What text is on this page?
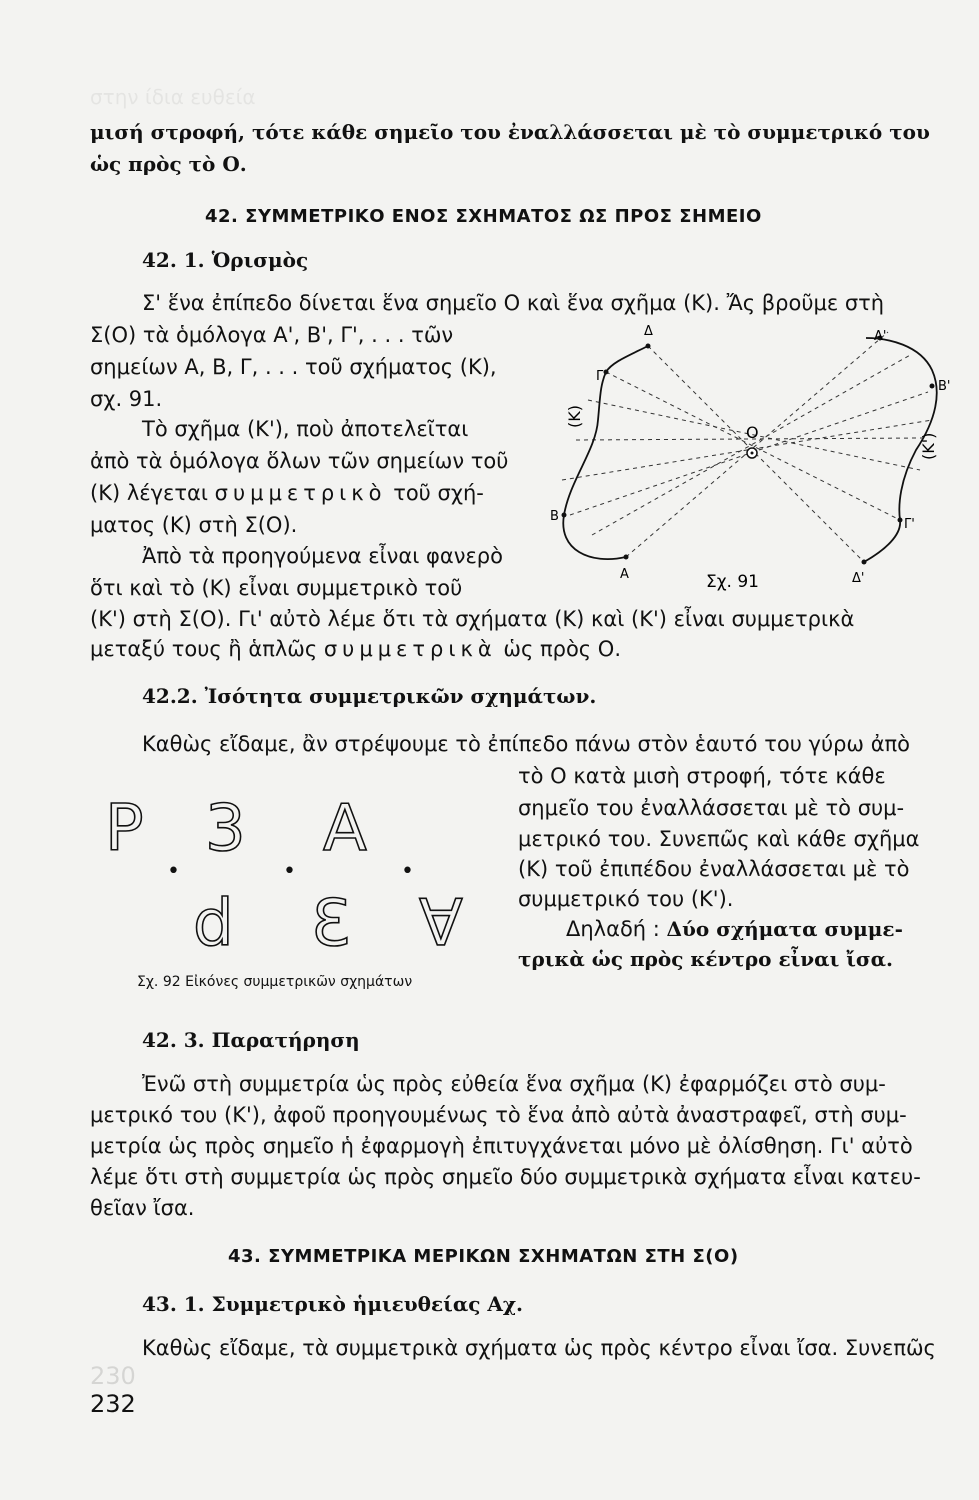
στην ίδια ευθεία
230
μισή στροφή, τότε κάθε σημεῖο του ἐναλλάσσεται μὲ τὸ συμμετρικό του
ὡς πρὸς τὸ Ο.
42. ΣΥΜΜΕΤΡΙΚΟ ΕΝΟΣ ΣΧΗΜΑΤΟΣ ΩΣ ΠΡΟΣ ΣΗΜΕΙΟ
42. 1. Ὁρισμὸς

Σ' ἕνα ἐπίπεδο δίνεται ἕνα σημεῖο Ο καὶ ἕνα σχῆμα (Κ). Ἄς βροῦμε στὴ

Σ(Ο) τὰ ὁμόλογα Α', Β', Γ', . . . τῶν

σημείων Α, Β, Γ, . . . τοῦ σχήματος (Κ),

σχ. 91.

Τὸ σχῆμα (Κ'), ποὺ ἀποτελεῖται

ἀπὸ τὰ ὁμόλογα ὅλων τῶν σημείων τοῦ

(Κ) λέγεται συμμετρικὸ τοῦ σχή-

ματος (Κ) στὴ Σ(Ο).

Ἀπὸ τὰ προηγούμενα εἶναι φανερὸ

ὅτι καὶ τὸ (Κ) εἶναι συμμετρικὸ τοῦ

(Κ') στὴ Σ(Ο). Γι' αὐτὸ λέμε ὅτι τὰ σχήματα (Κ) καὶ (Κ') εἶναι συμμετρικὰ

μεταξύ τους ἢ ἁπλῶς συμμετρικὰ ὡς πρὸς Ο.

Ο
Α
Β
Γ
Δ	Α'
Β'
Γ'
Δ'
(Κ)
(Κ')
Σχ. 91
42.2. Ἰσότητα συμμετρικῶν σχημάτων.

Καθὼς εἴδαμε, ἂν στρέψουμε τὸ ἐπίπεδο πάνω στὸν ἑαυτό του γύρω ἀπὸ

τὸ Ο κατὰ μισὴ στροφή, τότε κάθε

σημεῖο του ἐναλλάσσεται μὲ τὸ συμ-

μετρικό του. Συνεπῶς καὶ κάθε σχῆμα

(Κ) τοῦ ἐπιπέδου ἐναλλάσσεται μὲ τὸ

συμμετρικό του (Κ').

Δηλαδή : Δύο σχήματα συμμε-

τρικὰ ὡς πρὸς κέντρο εἶναι ἴσα.

P 3 A
d Ɛ ∀
•	•	•
Σχ. 92 Εἰκόνες συμμετρικῶν σχημάτων
42. 3. Παρατήρηση

Ἐνῶ στὴ συμμετρία ὡς πρὸς εὐθεία ἕνα σχῆμα (Κ) ἐφαρμόζει στὸ συμ-

μετρικό του (Κ'), ἀφοῦ προηγουμένως τὸ ἕνα ἀπὸ αὐτὰ ἀναστραφεῖ, στὴ συμ-

μετρία ὡς πρὸς σημεῖο ἡ ἐφαρμογὴ ἐπιτυγχάνεται μόνο μὲ ὀλίσθηση. Γι' αὐτὸ

λέμε ὅτι στὴ συμμετρία ὡς πρὸς σημεῖο δύο συμμετρικὰ σχήματα εἶναι κατευ-

θεῖαν ἴσα.

43. ΣΥΜΜΕΤΡΙΚΑ ΜΕΡΙΚΩΝ ΣΧΗΜΑΤΩΝ ΣΤΗ Σ(Ο)
43. 1. Συμμετρικὸ ἡμιευθείας Αχ.

Καθὼς εἴδαμε, τὰ συμμετρικὰ σχήματα ὡς πρὸς κέντρο εἶναι ἴσα. Συνεπῶς

232
